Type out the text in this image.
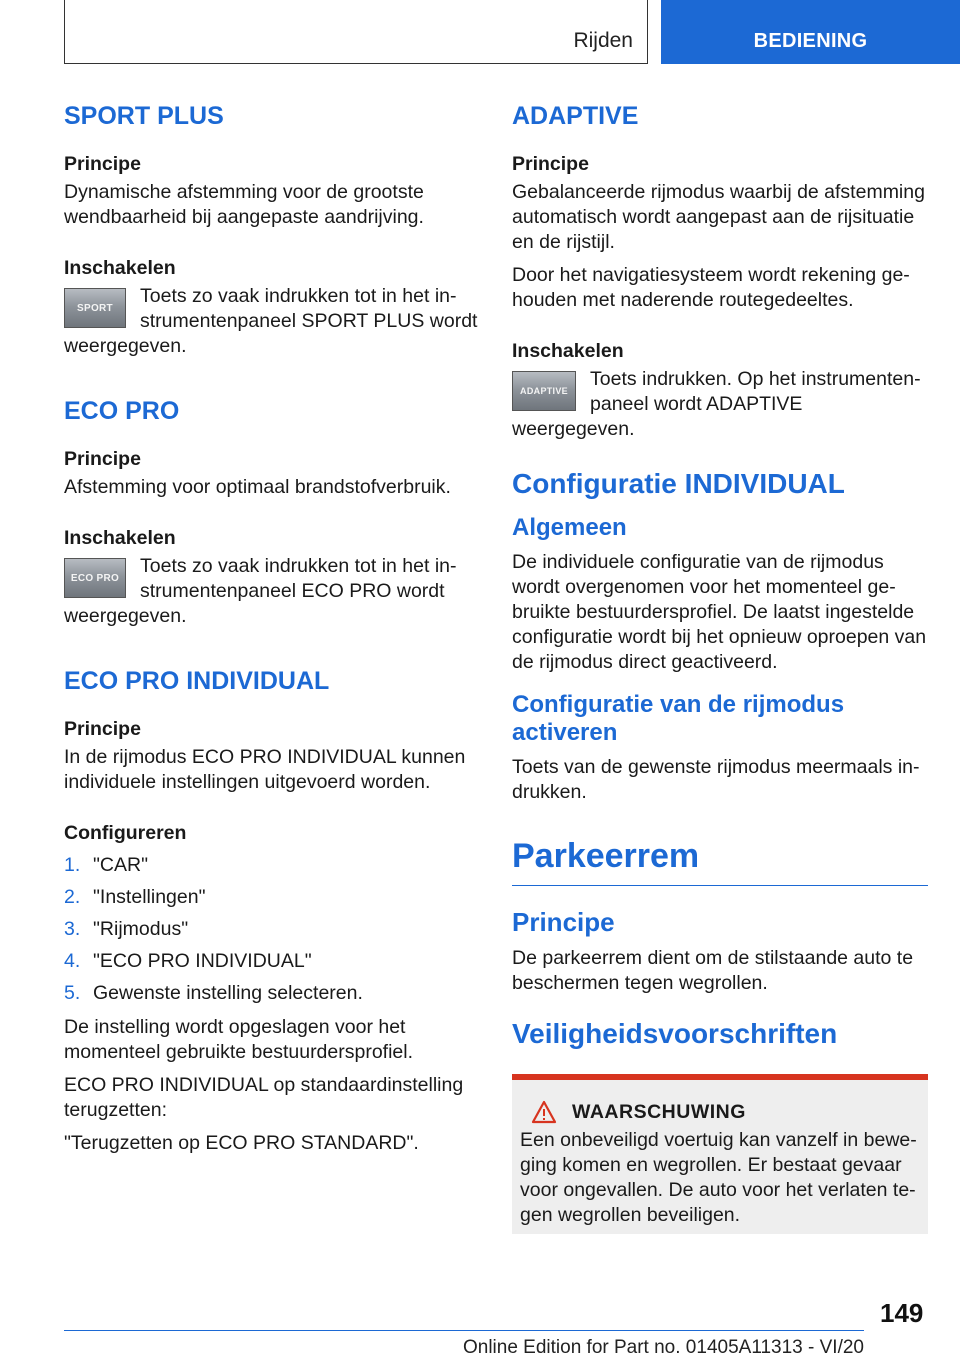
Rijden	BEDIENING
SPORT PLUS
Principe
Dynamische afstemming voor de grootste wendbaarheid bij aangepaste aandrijving.
Inschakelen
SPORT
Toets zo vaak indrukken tot in het instrumentenpaneel SPORT PLUS wordt weergegeven.
ECO PRO
Principe
Afstemming voor optimaal brandstofverbruik.
Inschakelen
ECO PRO
Toets zo vaak indrukken tot in het instrumentenpaneel ECO PRO wordt weergegeven.
ECO PRO INDIVIDUAL
Principe
In de rijmodus ECO PRO INDIVIDUAL kunnen individuele instellingen uitgevoerd worden.
Configureren
1. "CAR"
2. "Instellingen"
3. "Rijmodus"
4. "ECO PRO INDIVIDUAL"
5. Gewenste instelling selecteren.
De instelling wordt opgeslagen voor het momenteel gebruikte bestuurdersprofiel.
ECO PRO INDIVIDUAL op standaardinstelling terugzetten:
"Terugzetten op ECO PRO STANDARD".
ADAPTIVE
Principe
Gebalanceerde rijmodus waarbij de afstemming automatisch wordt aangepast aan de rijsituatie en de rijstijl.
Door het navigatiesysteem wordt rekening gehouden met naderende routegedeeltes.
Inschakelen
ADAPTIVE
Toets indrukken. Op het instrumentenpaneel wordt ADAPTIVE weergegeven.
Configuratie INDIVIDUAL
Algemeen
De individuele configuratie van de rijmodus wordt overgenomen voor het momenteel gebruikte bestuurdersprofiel. De laatst ingestelde configuratie wordt bij het opnieuw oproepen van de rijmodus direct geactiveerd.
Configuratie van de rijmodus activeren
Toets van de gewenste rijmodus meermaals indrukken.
Parkeerrem
Principe
De parkeerrem dient om de stilstaande auto te beschermen tegen wegrollen.
Veiligheidsvoorschriften
WAARSCHUWING
Een onbeveiligd voertuig kan vanzelf in beweging komen en wegrollen. Er bestaat gevaar voor ongevallen. De auto voor het verlaten tegen wegrollen beveiligen.
149
Online Edition for Part no. 01405A11313 - VI/20
